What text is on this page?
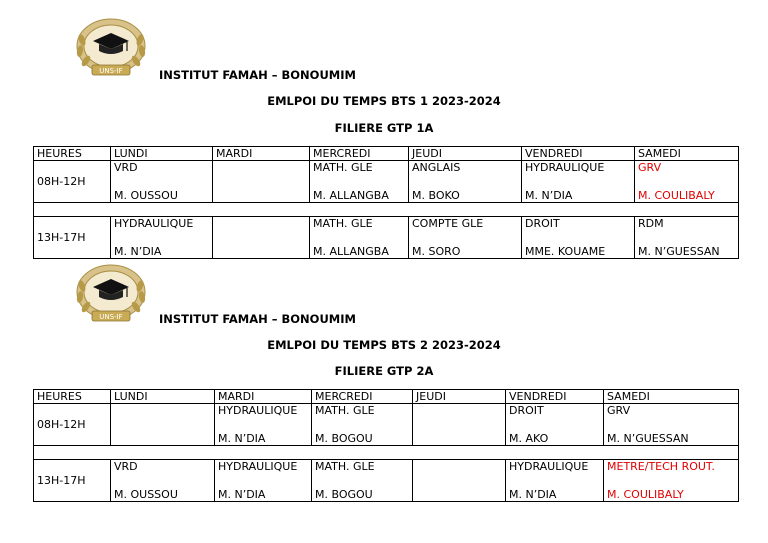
UNS-IF	INSTITUT FAMAH – BONOUMIM
EMLPOI DU TEMPS BTS 1 2023-2024
FILIERE GTP 1A
HEURES	LUNDI	MARDI	MERCREDI	JEUDI	VENDREDI	SAMEDI
08H-12H	VRD		MATH. GLE	ANGLAIS	HYDRAULIQUE	GRV
	M. OUSSOU		M. ALLANGBA	M. BOKO	M. N’DIA	M. COULIBALY

13H-17H	HYDRAULIQUE		MATH. GLE	COMPTE GLE	DROIT	RDM
	M. N’DIA		M. ALLANGBA	M. SORO	MME. KOUAME	M. N’GUESSAN
UNS-IF	INSTITUT FAMAH – BONOUMIM
EMLPOI DU TEMPS BTS 2 2023-2024
FILIERE GTP 2A
HEURES	LUNDI	MARDI	MERCREDI	JEUDI	VENDREDI	SAMEDI
08H-12H		HYDRAULIQUE	MATH. GLE		DROIT	GRV
		M. N’DIA	M. BOGOU		M. AKO	M. N’GUESSAN

13H-17H	VRD	HYDRAULIQUE	MATH. GLE		HYDRAULIQUE	METRE/TECH ROUT.
	M. OUSSOU	M. N’DIA	M. BOGOU		M. N’DIA	M. COULIBALY
